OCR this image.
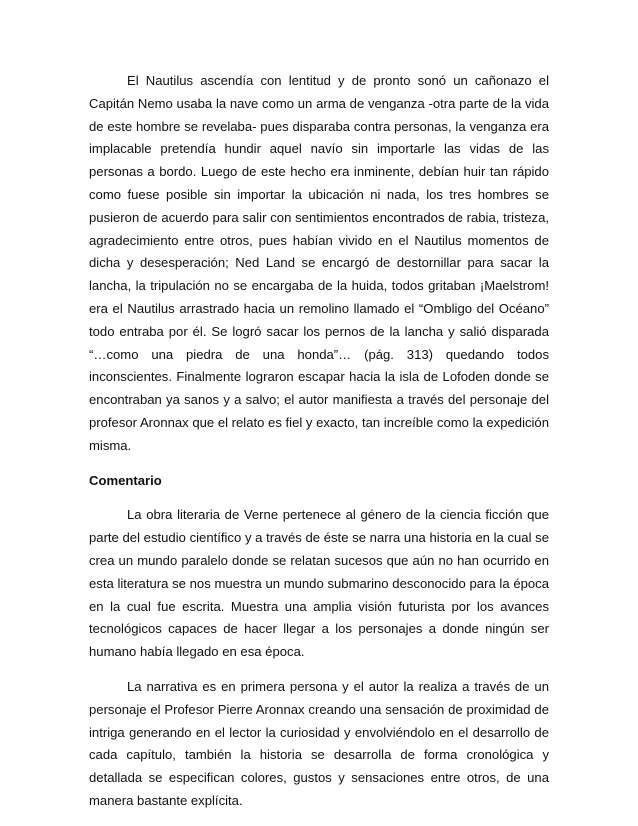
El Nautilus ascendía con lentitud y de pronto sonó un cañonazo el Capitán Nemo usaba la nave como un arma de venganza -otra parte de la vida de este hombre se revelaba- pues disparaba contra personas, la venganza era implacable pretendía hundir aquel navío sin importarle las vidas de las personas a bordo. Luego de este hecho era inminente, debían huir tan rápido como fuese posible sin importar la ubicación ni nada, los tres hombres se pusieron de acuerdo para salir con sentimientos encontrados de rabia, tristeza, agradecimiento entre otros, pues habían vivido en el Nautilus momentos de dicha y desesperación; Ned Land se encargó de destornillar para sacar la lancha, la tripulación no se encargaba de la huida, todos gritaban ¡Maelstrom! era el Nautilus arrastrado hacia un remolino llamado el “Ombligo del Océano” todo entraba por él. Se logró sacar los pernos de la lancha y salió disparada “…como una piedra de una honda”… (pág. 313) quedando todos inconscientes. Finalmente lograron escapar hacia la isla de Lofoden donde se encontraban ya sanos y a salvo; el autor manifiesta a través del personaje del profesor Aronnax que el relato es fiel y exacto, tan increíble como la expedición misma.

Comentario

La obra literaria de Verne pertenece al género de la ciencia ficción que parte del estudio científico y a través de éste se narra una historia en la cual se crea un mundo paralelo donde se relatan sucesos que aún no han ocurrido en esta literatura se nos muestra un mundo submarino desconocido para la época en la cual fue escrita. Muestra una amplia visión futurista por los avances tecnológicos capaces de hacer llegar a los personajes a donde ningún ser humano había llegado en esa época.

La narrativa es en primera persona y el autor la realiza a través de un personaje el Profesor Pierre Aronnax creando una sensación de proximidad de intriga generando en el lector la curiosidad y envolviéndolo en el desarrollo de cada capítulo, también la historia se desarrolla de forma cronológica y detallada se especifican colores, gustos y sensaciones entre otros, de una manera bastante explícita.
